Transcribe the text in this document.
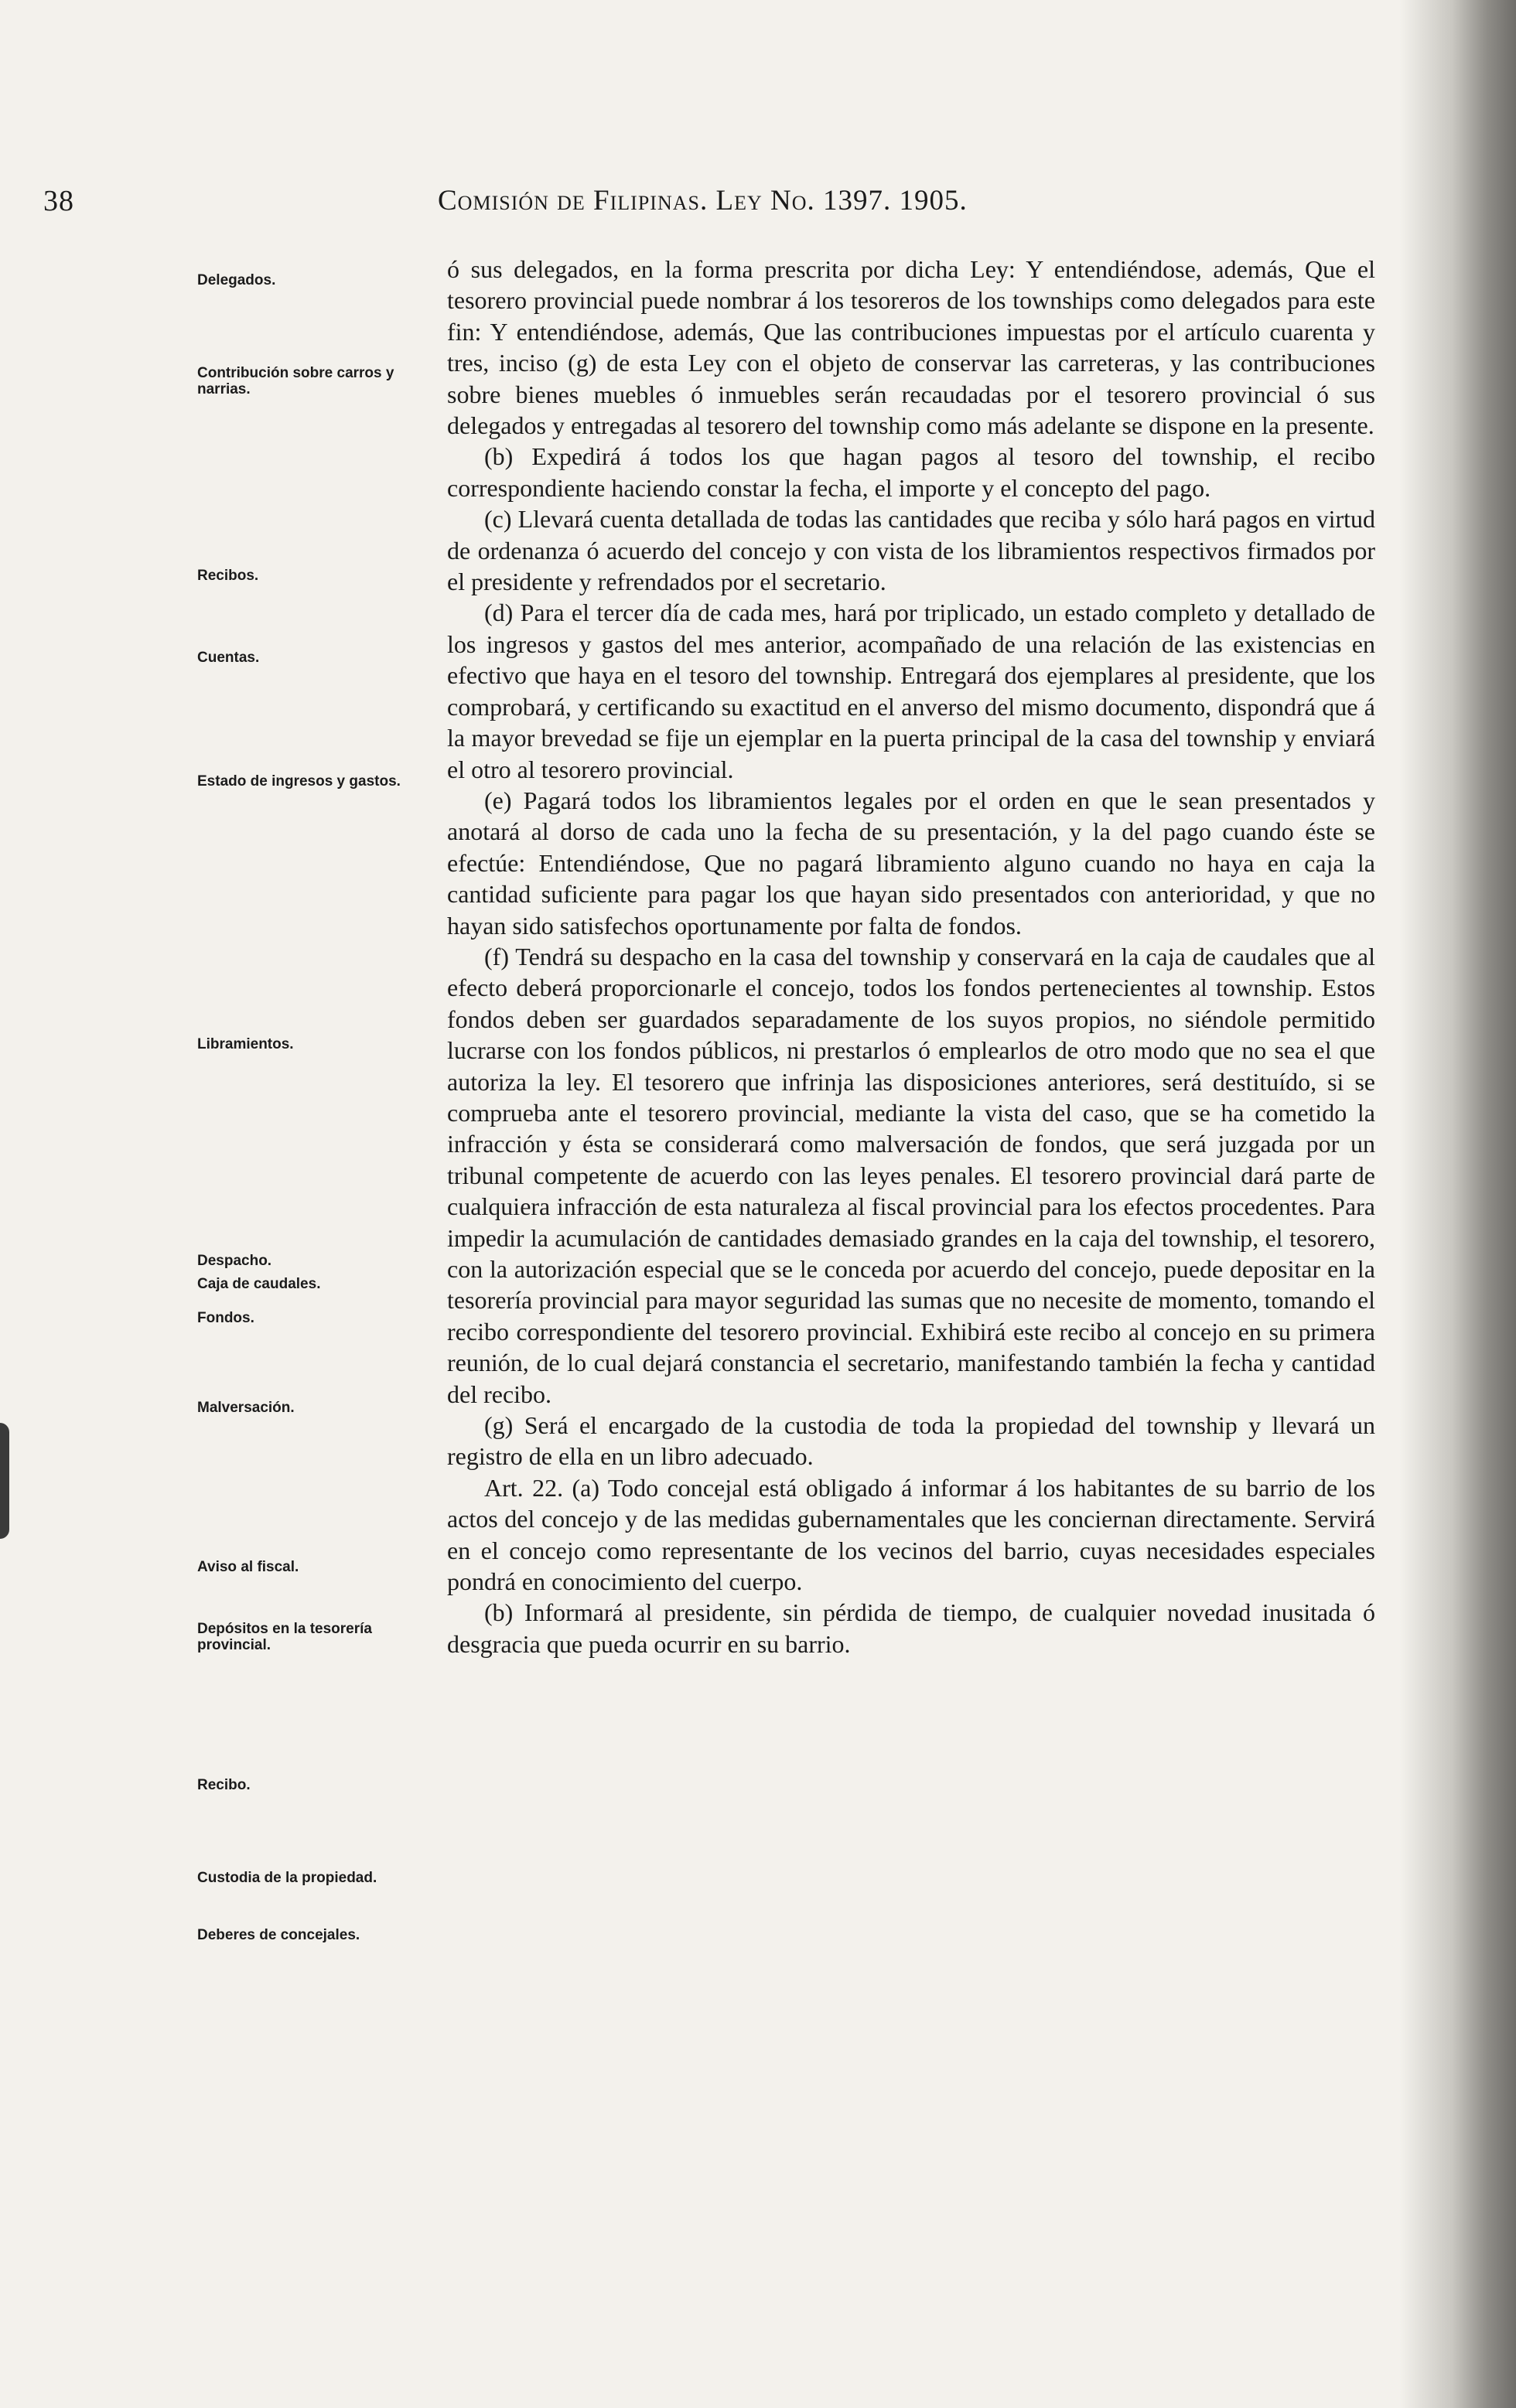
38	Comisión de Filipinas. Ley No. 1397. 1905.
Delegados.
Contribución sobre carros y narrias.
Recibos.
Cuentas.
Estado de ingresos y gastos.
Libramientos.
Despacho.
Caja de caudales.
Fondos.
Malversación.
Aviso al fiscal.
Depósitos en la tesorería provincial.
Recibo.
Custodia de la propiedad.
Deberes de concejales.

ó sus delegados, en la forma prescrita por dicha Ley: Y entendiéndose, además, Que el tesorero provincial puede nombrar á los tesoreros de los townships como delegados para este fin: Y entendiéndose, además, Que las contribuciones impuestas por el artículo cuarenta y tres, inciso (g) de esta Ley con el objeto de conservar las carreteras, y las contribuciones sobre bienes muebles ó inmuebles serán recaudadas por el tesorero provincial ó sus delegados y entregadas al tesorero del township como más adelante se dispone en la presente.

(b) Expedirá á todos los que hagan pagos al tesoro del township, el recibo correspondiente haciendo constar la fecha, el importe y el concepto del pago.

(c) Llevará cuenta detallada de todas las cantidades que reciba y sólo hará pagos en virtud de ordenanza ó acuerdo del concejo y con vista de los libramientos respectivos firmados por el presidente y refrendados por el secretario.

(d) Para el tercer día de cada mes, hará por triplicado, un estado completo y detallado de los ingresos y gastos del mes anterior, acompañado de una relación de las existencias en efectivo que haya en el tesoro del township. Entregará dos ejemplares al presidente, que los comprobará, y certificando su exactitud en el anverso del mismo documento, dispondrá que á la mayor brevedad se fije un ejemplar en la puerta principal de la casa del township y enviará el otro al tesorero provincial.

(e) Pagará todos los libramientos legales por el orden en que le sean presentados y anotará al dorso de cada uno la fecha de su presentación, y la del pago cuando éste se efectúe: Entendiéndose, Que no pagará libramiento alguno cuando no haya en caja la cantidad suficiente para pagar los que hayan sido presentados con anterioridad, y que no hayan sido satisfechos oportunamente por falta de fondos.

(f) Tendrá su despacho en la casa del township y conservará en la caja de caudales que al efecto deberá proporcionarle el concejo, todos los fondos pertenecientes al township. Estos fondos deben ser guardados separadamente de los suyos propios, no siéndole permitido lucrarse con los fondos públicos, ni prestarlos ó emplearlos de otro modo que no sea el que autoriza la ley. El tesorero que infrinja las disposiciones anteriores, será destituído, si se comprueba ante el tesorero provincial, mediante la vista del caso, que se ha cometido la infracción y ésta se considerará como malversación de fondos, que será juzgada por un tribunal competente de acuerdo con las leyes penales. El tesorero provincial dará parte de cualquiera infracción de esta naturaleza al fiscal provincial para los efectos procedentes. Para impedir la acumulación de cantidades demasiado grandes en la caja del township, el tesorero, con la autorización especial que se le conceda por acuerdo del concejo, puede depositar en la tesorería provincial para mayor seguridad las sumas que no necesite de momento, tomando el recibo correspondiente del tesorero provincial. Exhibirá este recibo al concejo en su primera reunión, de lo cual dejará constancia el secretario, manifestando también la fecha y cantidad del recibo.

(g) Será el encargado de la custodia de toda la propiedad del township y llevará un registro de ella en un libro adecuado.

Art. 22. (a) Todo concejal está obligado á informar á los habitantes de su barrio de los actos del concejo y de las medidas gubernamentales que les conciernan directamente. Servirá en el concejo como representante de los vecinos del barrio, cuyas necesidades especiales pondrá en conocimiento del cuerpo.

(b) Informará al presidente, sin pérdida de tiempo, de cualquier novedad inusitada ó desgracia que pueda ocurrir en su barrio.
